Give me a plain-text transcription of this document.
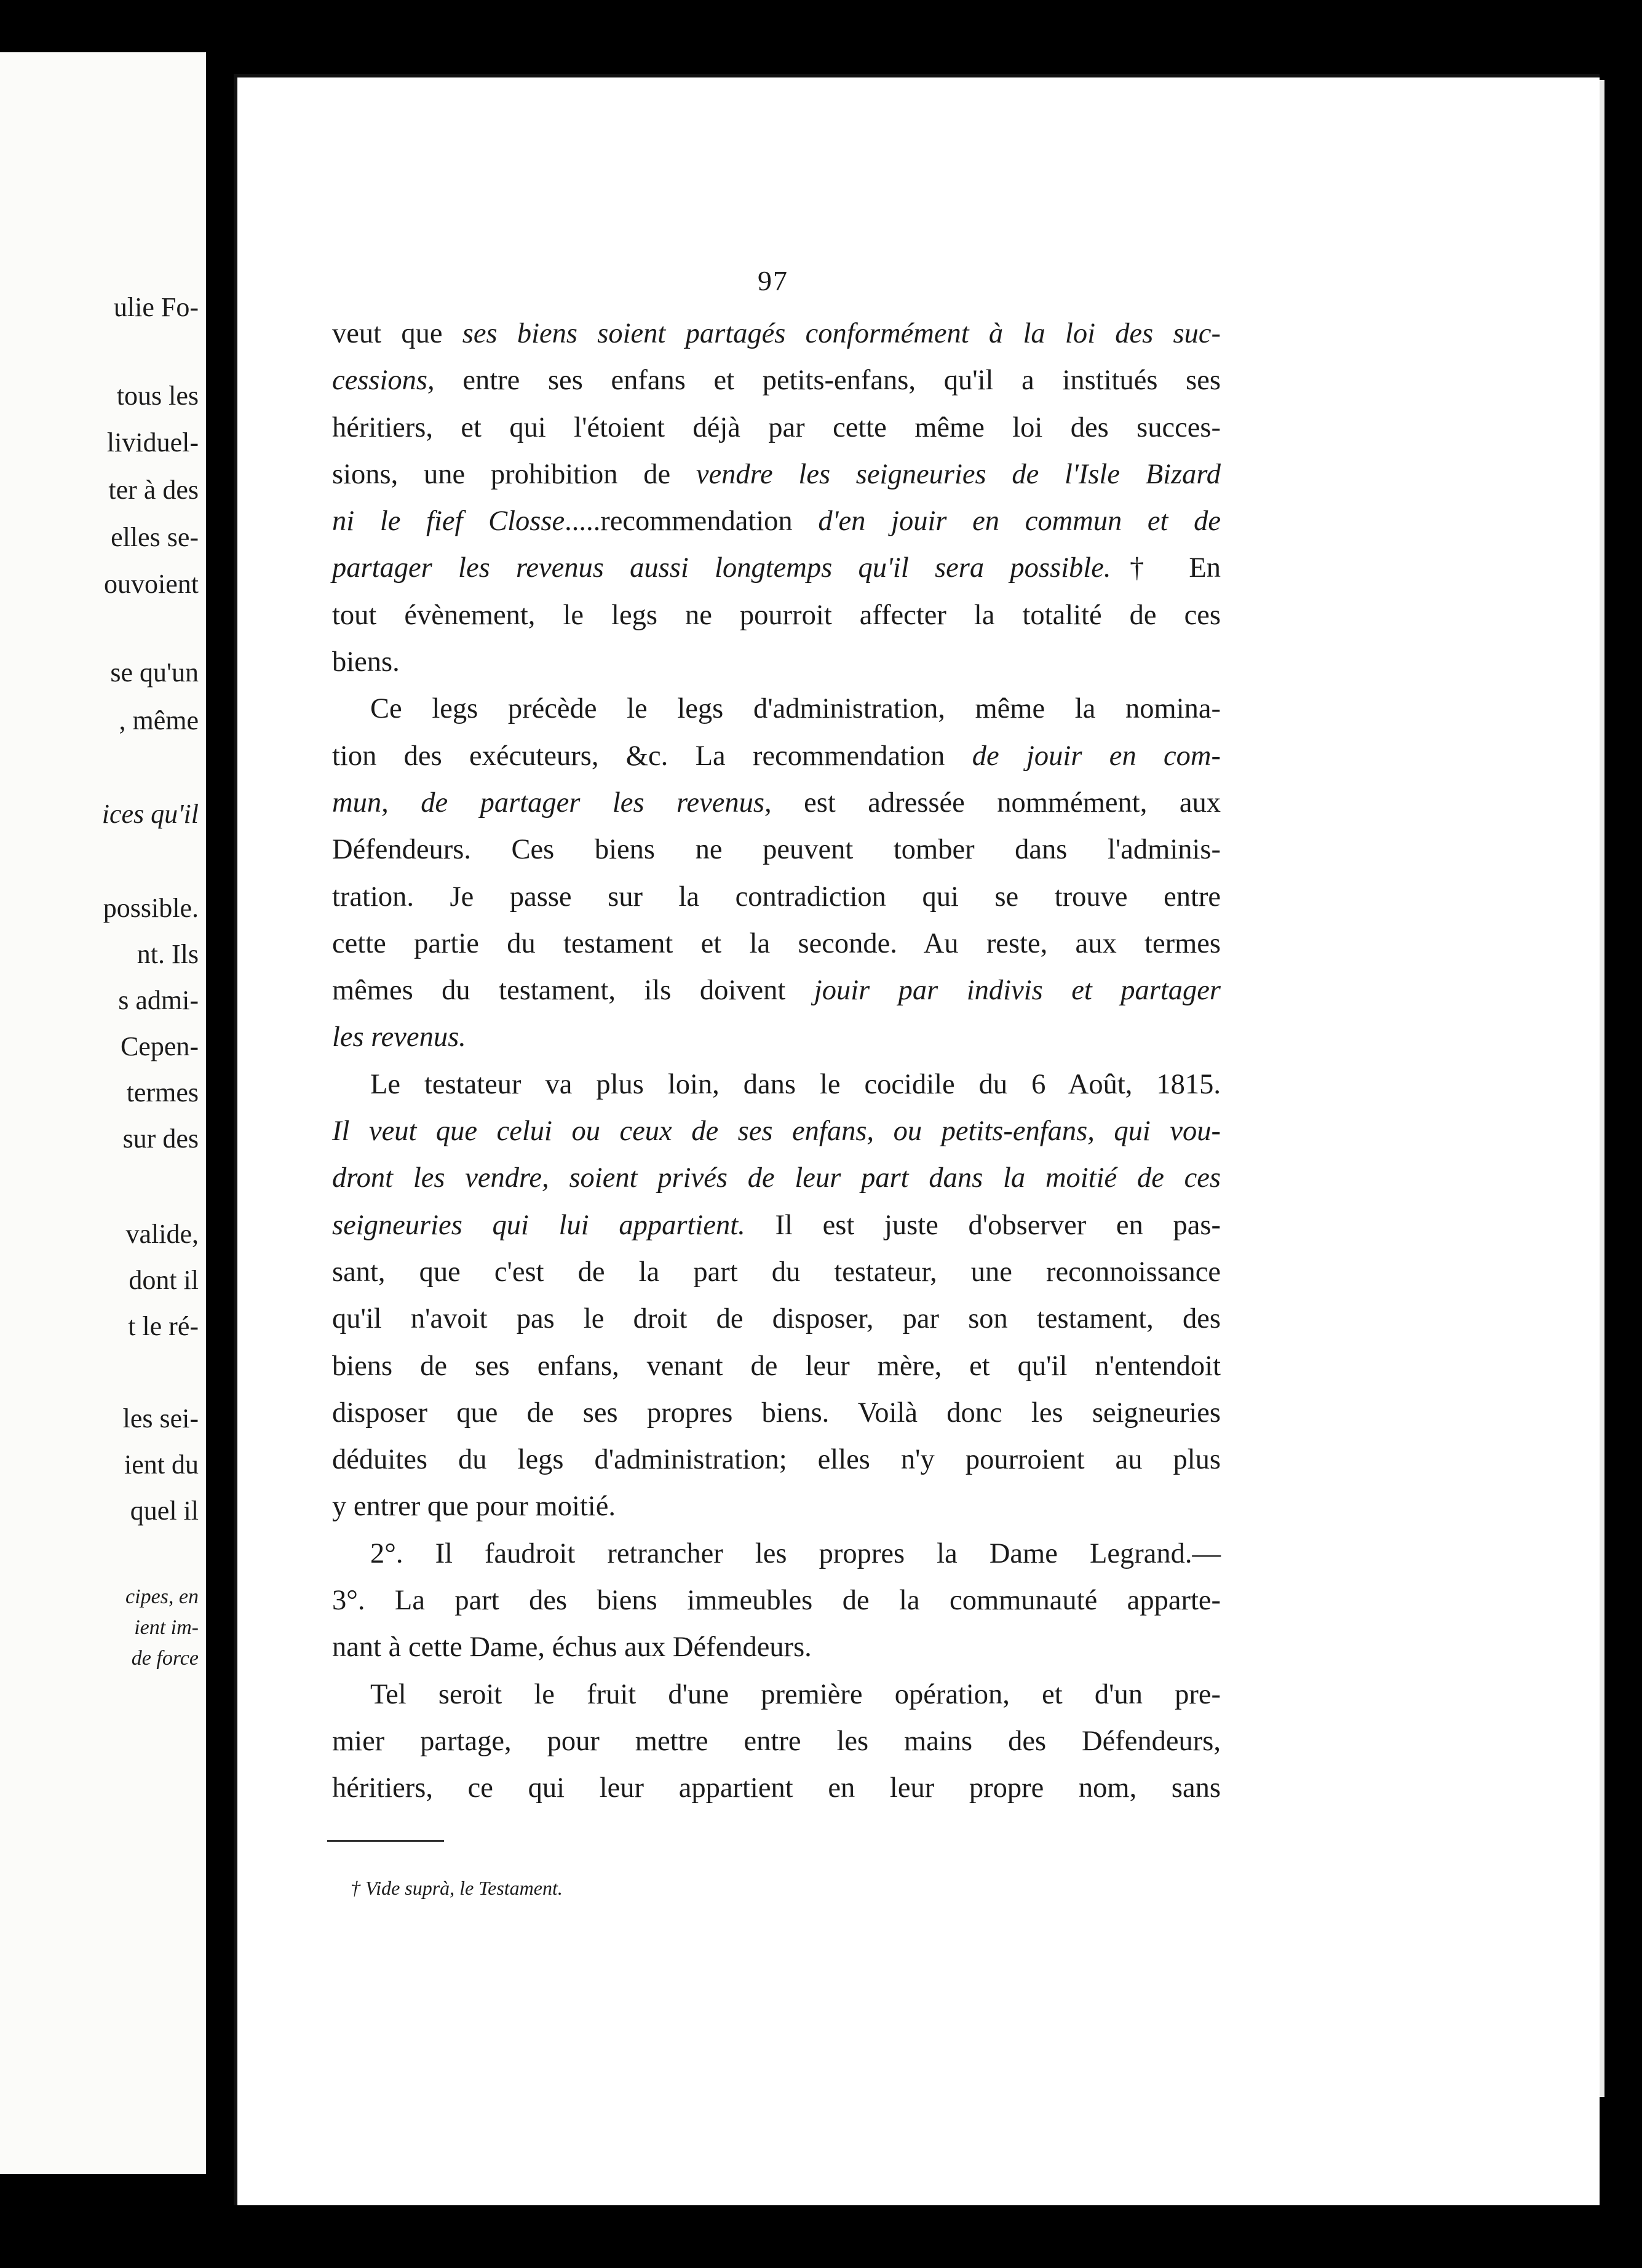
ulie Fo-
tous les
lividuel-
ter à des
elles se-
ouvoient
se qu'un
, même
ices qu'il
possible.
nt. Ils
s admi-
Cepen-
termes
sur des
valide,
dont il
t le ré-
les sei-
ient du
quel il
cipes, en
ient im-
de force
97
veut que ses biens soient partagés conformément à la loi des suc-
cessions, entre ses enfans et petits-enfans, qu'il a institués ses
héritiers, et qui l'étoient déjà par cette même loi des succes-
sions, une prohibition de vendre les seigneuries de l'Isle Bizard
ni le fief Closse.....recommendation d'en jouir en commun et de
partager les revenus aussi longtemps qu'il sera possible.† En
tout évènement, le legs ne pourroit affecter la totalité de ces
biens.
Ce legs précède le legs d'administration, même la nomina-
tion des exécuteurs, &c. La recommendation de jouir en com-
mun, de partager les revenus, est adressée nommément, aux
Défendeurs. Ces biens ne peuvent tomber dans l'adminis-
tration. Je passe sur la contradiction qui se trouve entre
cette partie du testament et la seconde. Au reste, aux termes
mêmes du testament, ils doivent jouir par indivis et partager
les revenus.
Le testateur va plus loin, dans le cocidile du 6 Août, 1815.
Il veut que celui ou ceux de ses enfans, ou petits-enfans, qui vou-
dront les vendre, soient privés de leur part dans la moitié de ces
seigneuries qui lui appartient. Il est juste d'observer en pas-
sant, que c'est de la part du testateur, une reconnoissance
qu'il n'avoit pas le droit de disposer, par son testament, des
biens de ses enfans, venant de leur mère, et qu'il n'entendoit
disposer que de ses propres biens. Voilà donc les seigneuries
déduites du legs d'administration; elles n'y pourroient au plus
y entrer que pour moitié.
2°. Il faudroit retrancher les propres la Dame Legrand.—
3°. La part des biens immeubles de la communauté apparte-
nant à cette Dame, échus aux Défendeurs.
Tel seroit le fruit d'une première opération, et d'un pre-
mier partage, pour mettre entre les mains des Défendeurs,
héritiers, ce qui leur appartient en leur propre nom, sans
† Vide suprà, le Testament.
